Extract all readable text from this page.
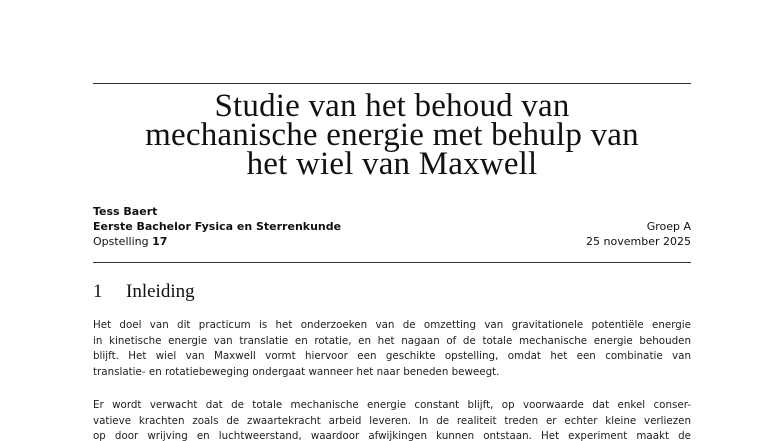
Studie van het behoud van
mechanische energie met behulp van
het wiel van Maxwell
Tess Baert
Eerste Bachelor Fysica en Sterrenkunde	Groep A
Opstelling 17	25 november 2025
1 Inleiding

Het doel van dit practicum is het onderzoeken van de omzetting van gravitationele potentiële energie
in kinetische energie van translatie en rotatie, en het nagaan of de totale mechanische energie behouden
blijft. Het wiel van Maxwell vormt hiervoor een geschikte opstelling, omdat het een combinatie van
translatie- en rotatiebeweging ondergaat wanneer het naar beneden beweegt.

Er wordt verwacht dat de totale mechanische energie constant blijft, op voorwaarde dat enkel conser-
vatieve krachten zoals de zwaartekracht arbeid leveren. In de realiteit treden er echter kleine verliezen
op door wrijving en luchtweerstand, waardoor afwijkingen kunnen ontstaan. Het experiment maakt de
